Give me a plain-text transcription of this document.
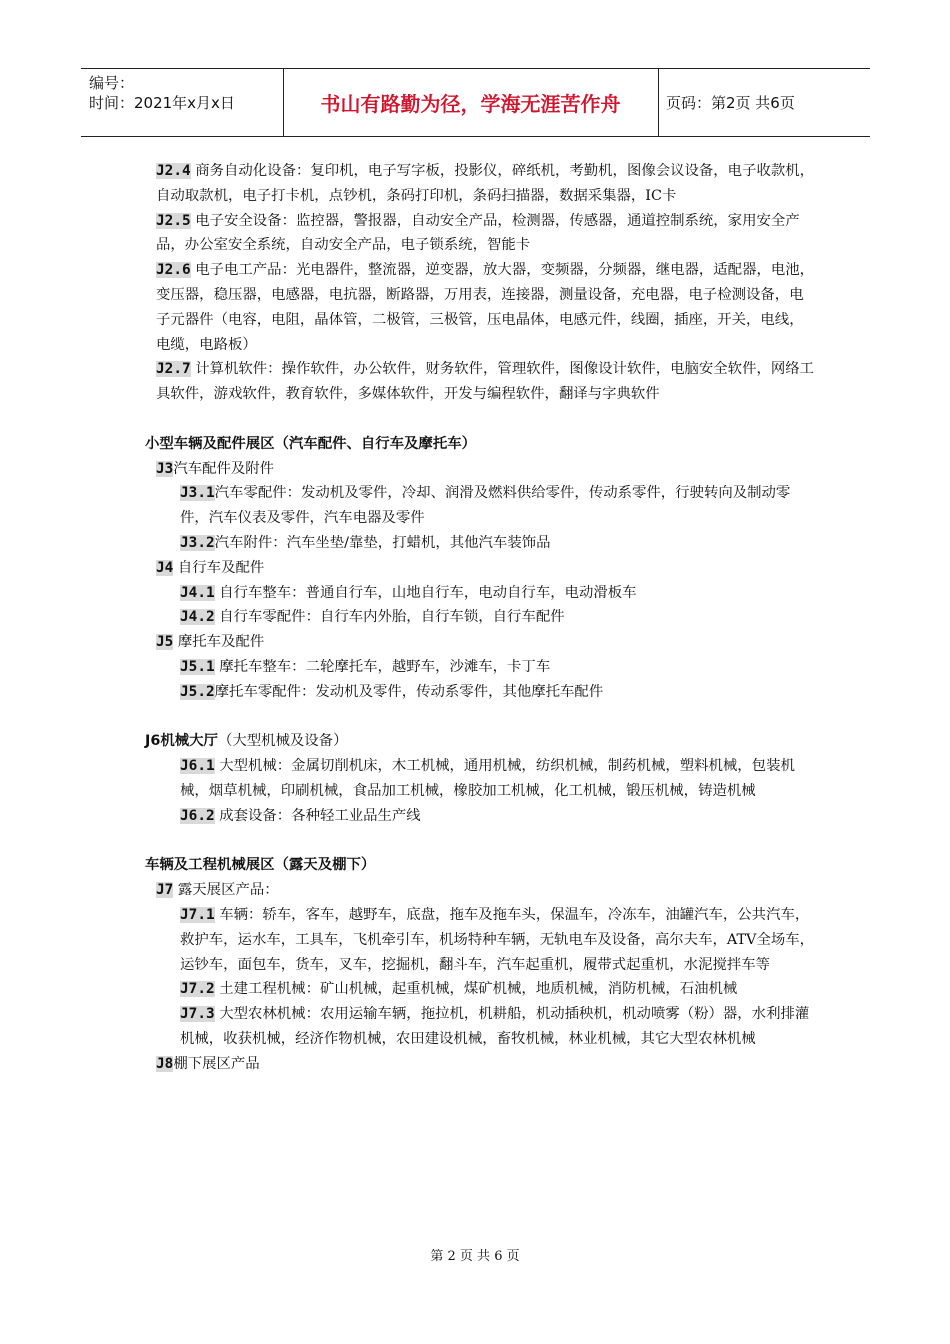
编号：
时间：2021年x月x日	书山有路勤为径，学海无涯苦作舟	页码：第2页 共6页

J2.4 商务自动化设备：复印机，电子写字板，投影仪，碎纸机，考勤机，图像会议设备，电子收款机，自动取款机，电子打卡机，点钞机，条码打印机，条码扫描器，数据采集器，IC卡

J2.5 电子安全设备：监控器，警报器，自动安全产品，检测器，传感器，通道控制系统，家用安全产品，办公室安全系统，自动安全产品，电子锁系统，智能卡

J2.6 电子电工产品：光电器件，整流器，逆变器，放大器，变频器，分频器，继电器，适配器，电池，变压器，稳压器，电感器，电抗器，断路器，万用表，连接器，测量设备，充电器，电子检测设备，电子元器件（电容，电阻，晶体管，二极管，三极管，压电晶体，电感元件，线圈，插座，开关，电线，电缆，电路板）

J2.7 计算机软件：操作软件，办公软件，财务软件，管理软件，图像设计软件，电脑安全软件，网络工具软件，游戏软件，教育软件，多媒体软件，开发与编程软件，翻译与字典软件

小型车辆及配件展区（汽车配件、自行车及摩托车）

J3汽车配件及附件

J3.1汽车零配件：发动机及零件，冷却、润滑及燃料供给零件，传动系零件，行驶转向及制动零件，汽车仪表及零件，汽车电器及零件

J3.2汽车附件：汽车坐垫/靠垫，打蜡机，其他汽车装饰品

J4 自行车及配件

J4.1 自行车整车：普通自行车，山地自行车，电动自行车，电动滑板车

J4.2 自行车零配件：自行车内外胎，自行车锁，自行车配件

J5 摩托车及配件

J5.1 摩托车整车：二轮摩托车，越野车，沙滩车，卡丁车

J5.2摩托车零配件：发动机及零件，传动系零件，其他摩托车配件

J6机械大厅（大型机械及设备）

J6.1 大型机械：金属切削机床，木工机械，通用机械，纺织机械，制药机械，塑料机械，包装机械，烟草机械，印刷机械，食品加工机械，橡胶加工机械，化工机械，锻压机械，铸造机械

J6.2 成套设备：各种轻工业品生产线

车辆及工程机械展区（露天及棚下）

J7 露天展区产品：

J7.1 车辆：轿车，客车，越野车，底盘，拖车及拖车头，保温车，冷冻车，油罐汽车，公共汽车，救护车，运水车，工具车，飞机牵引车，机场特种车辆，无轨电车及设备，高尔夫车，ATV全场车，运钞车，面包车，货车，叉车，挖掘机，翻斗车，汽车起重机，履带式起重机，水泥搅拌车等

J7.2 土建工程机械：矿山机械，起重机械，煤矿机械，地质机械，消防机械，石油机械

J7.3 大型农林机械：农用运输车辆，拖拉机，机耕船，机动插秧机，机动喷雾（粉）器，水利排灌机械，收获机械，经济作物机械，农田建设机械，畜牧机械，林业机械，其它大型农林机械

J8棚下展区产品

第 2 页 共 6 页
